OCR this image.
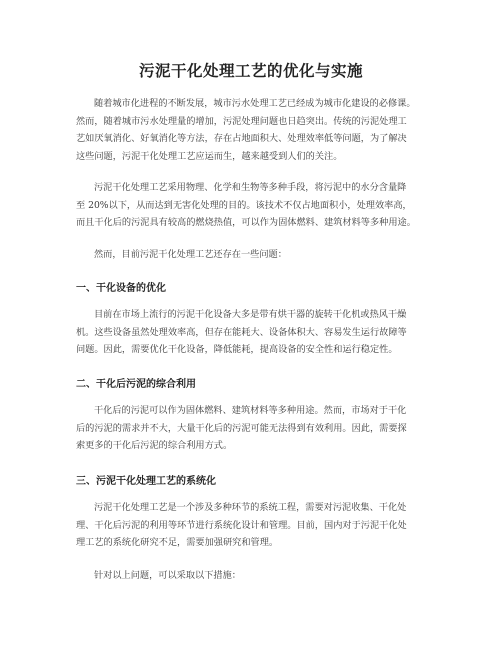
污泥干化处理工艺的优化与实施
随着城市化进程的不断发展，城市污水处理工艺已经成为城市化建设的必修课。
然而，随着城市污水处理量的增加，污泥处理问题也日趋突出。传统的污泥处理工
艺如厌氧消化、好氧消化等方法，存在占地面积大、处理效率低等问题，为了解决
这些问题，污泥干化处理工艺应运而生，越来越受到人们的关注。
污泥干化处理工艺采用物理、化学和生物等多种手段，将污泥中的水分含量降
至 20%以下，从而达到无害化处理的目的。该技术不仅占地面积小，处理效率高，
而且干化后的污泥具有较高的燃烧热值，可以作为固体燃料、建筑材料等多种用途。
然而，目前污泥干化处理工艺还存在一些问题：
一、干化设备的优化
目前在市场上流行的污泥干化设备大多是带有烘干器的旋转干化机或热风干燥
机。这些设备虽然处理效率高，但存在能耗大、设备体积大、容易发生运行故障等
问题。因此，需要优化干化设备，降低能耗，提高设备的安全性和运行稳定性。
二、干化后污泥的综合利用
干化后的污泥可以作为固体燃料、建筑材料等多种用途。然而，市场对于干化
后的污泥的需求并不大，大量干化后的污泥可能无法得到有效利用。因此，需要探
索更多的干化后污泥的综合利用方式。
三、污泥干化处理工艺的系统化
污泥干化处理工艺是一个涉及多种环节的系统工程，需要对污泥收集、干化处
理、干化后污泥的利用等环节进行系统化设计和管理。目前，国内对于污泥干化处
理工艺的系统化研究不足，需要加强研究和管理。
针对以上问题，可以采取以下措施：
